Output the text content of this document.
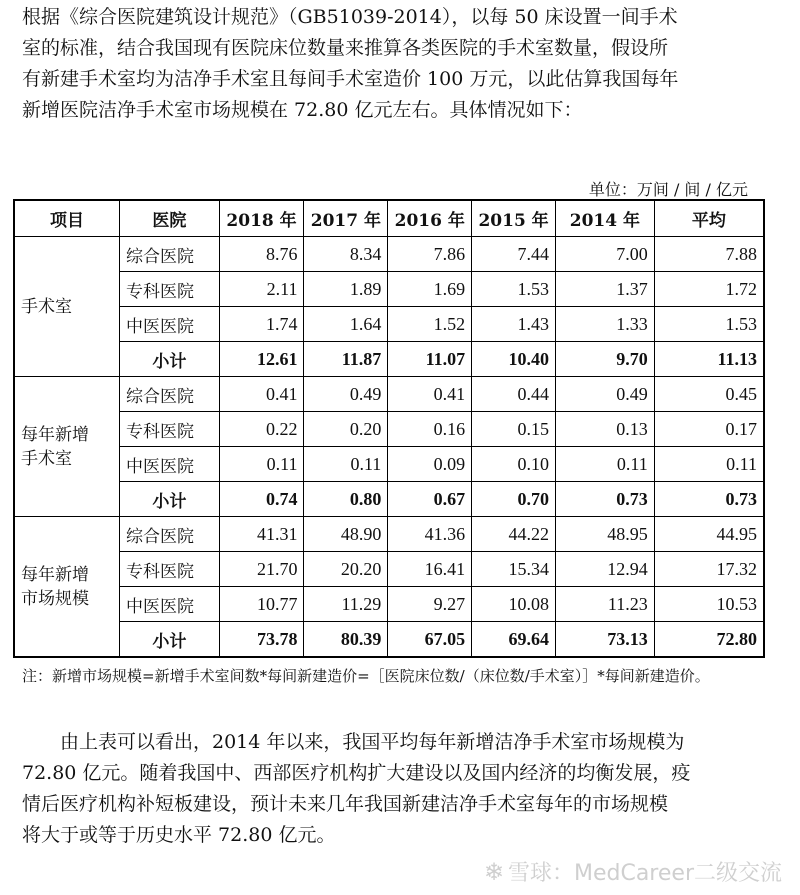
根据《综合医院建筑设计规范》（GB51039-2014），以每 50 床设置一间手术
室的标准，结合我国现有医院床位数量来推算各类医院的手术室数量，假设所
有新建手术室均为洁净手术室且每间手术室造价 100 万元，以此估算我国每年
新增医院洁净手术室市场规模在 72.80 亿元左右。具体情况如下：
单位：万间 / 间 / 亿元
项目	医院	2018 年	2017 年	2016 年	2015 年	2014 年	平均
手术室	综合医院	8.76	8.34	7.86	7.44	7.00	7.88
	专科医院	2.11	1.89	1.69	1.53	1.37	1.72
	中医医院	1.74	1.64	1.52	1.43	1.33	1.53
	小计	12.61	11.87	11.07	10.40	9.70	11.13
每年新增
手术室	综合医院	0.41	0.49	0.41	0.44	0.49	0.45
	专科医院	0.22	0.20	0.16	0.15	0.13	0.17
	中医医院	0.11	0.11	0.09	0.10	0.11	0.11
	小计	0.74	0.80	0.67	0.70	0.73	0.73
每年新增
市场规模	综合医院	41.31	48.90	41.36	44.22	48.95	44.95
	专科医院	21.70	20.20	16.41	15.34	12.94	17.32
	中医医院	10.77	11.29	9.27	10.08	11.23	10.53
	小计	73.78	80.39	67.05	69.64	73.13	72.80
注：新增市场规模=新增手术室间数*每间新建造价=［医院床位数/（床位数/手术室）］*每间新建造价。
由上表可以看出，2014 年以来，我国平均每年新增洁净手术室市场规模为
72.80 亿元。随着我国中、西部医疗机构扩大建设以及国内经济的均衡发展，疫
情后医疗机构补短板建设，预计未来几年我国新建洁净手术室每年的市场规模
将大于或等于历史水平 72.80 亿元。
❄ 雪球：MedCareer二级交流
